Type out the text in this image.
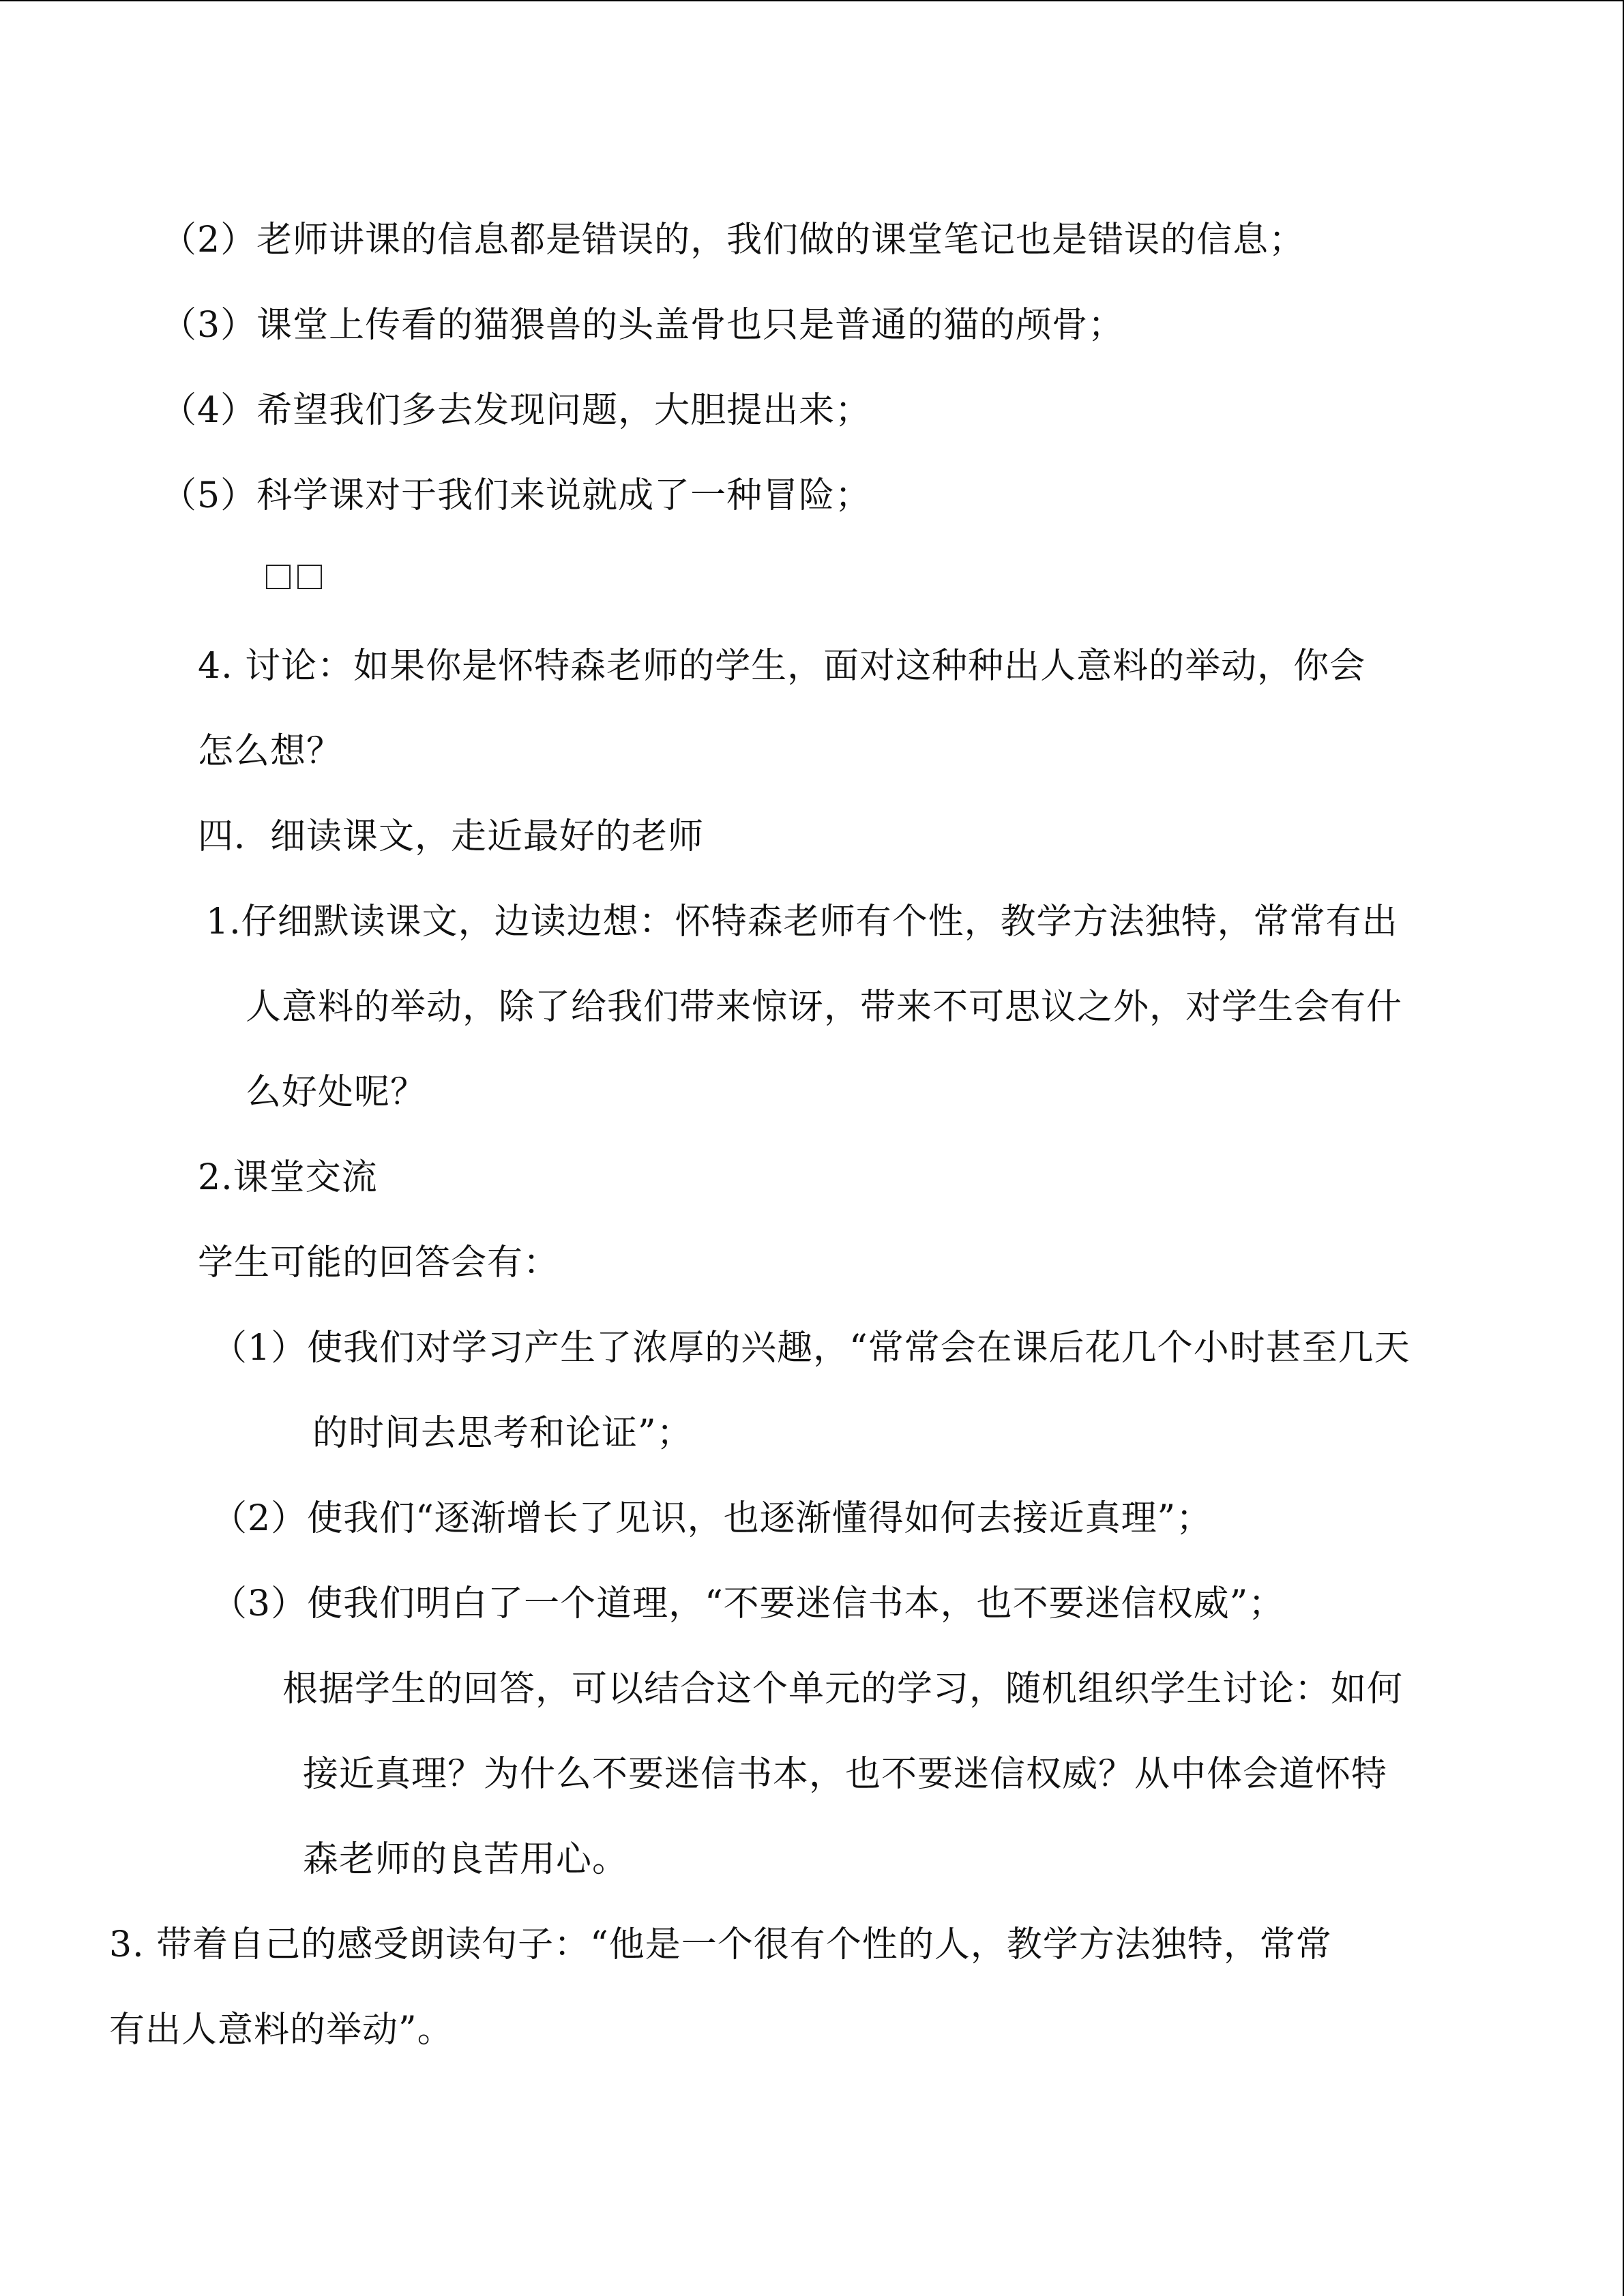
（2）老师讲课的信息都是错误的，我们做的课堂笔记也是错误的信息；
（3）课堂上传看的猫猥兽的头盖骨也只是普通的猫的颅骨；
（4）希望我们多去发现问题，大胆提出来；
（5）科学课对于我们来说就成了一种冒险；
4. 讨论：如果你是怀特森老师的学生，面对这种种出人意料的举动，你会
怎么想？
四．细读课文，走近最好的老师
1.仔细默读课文，边读边想：怀特森老师有个性，教学方法独特，常常有出
人意料的举动，除了给我们带来惊讶，带来不可思议之外，对学生会有什
么好处呢？
2.课堂交流
学生可能的回答会有：
（1）使我们对学习产生了浓厚的兴趣，“常常会在课后花几个小时甚至几天
的时间去思考和论证”；
（2）使我们“逐渐增长了见识，也逐渐懂得如何去接近真理”；
（3）使我们明白了一个道理，“不要迷信书本，也不要迷信权威”；
根据学生的回答，可以结合这个单元的学习，随机组织学生讨论：如何
接近真理？为什么不要迷信书本，也不要迷信权威？从中体会道怀特
森老师的良苦用心。
3. 带着自己的感受朗读句子：“他是一个很有个性的人，教学方法独特，常常
有出人意料的举动”。
